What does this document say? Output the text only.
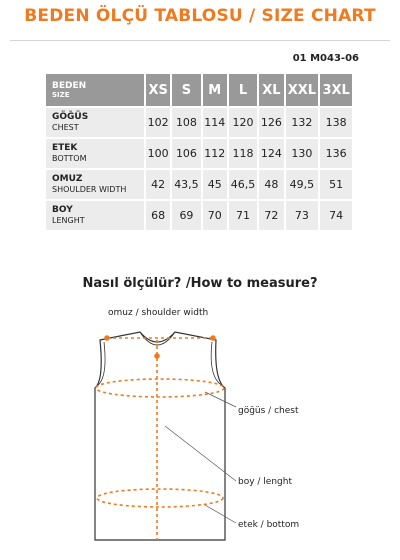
BEDEN ÖLÇÜ TABLOSU / SIZE CHART
01 M043-06
BEDEN
SIZE	XS	S	M	L	XL	XXL	3XL

GÖĞÜS
CHEST	102	108	114	120	126	132	138

ETEK
BOTTOM	100	106	112	118	124	130	136

OMUZ
SHOULDER WIDTH	42	43,5	45	46,5	48	49,5	51

BOY
LENGHT	68	69	70	71	72	73	74
Nasıl ölçülür? /How to measure?
omuz / shoulder width
göğüs / chest
boy / lenght
etek / bottom
